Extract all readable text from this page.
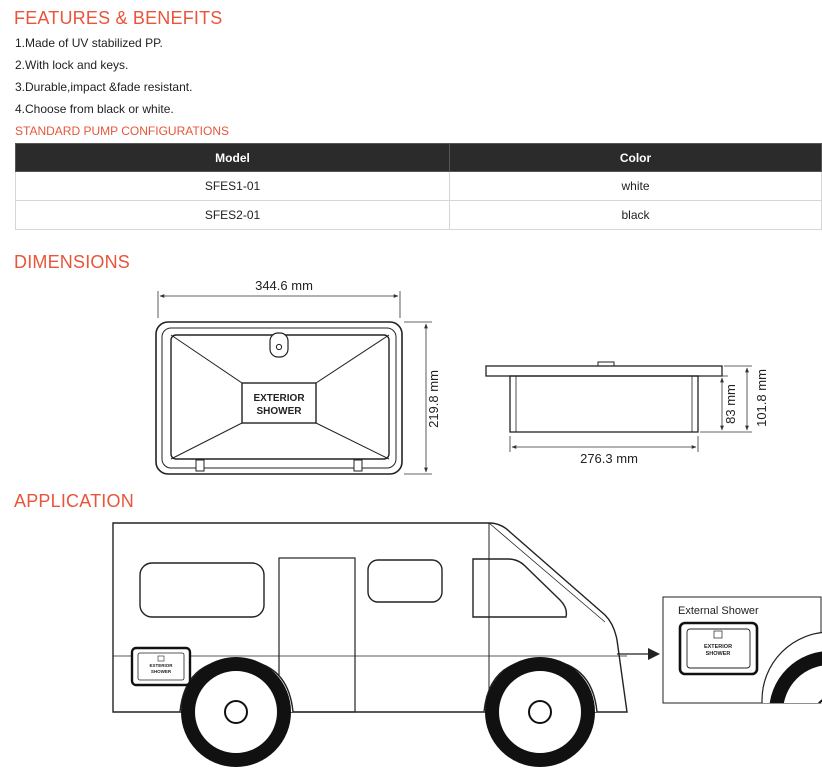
FEATURES & BENEFITS
1.Made of UV stabilized PP.
2.With lock and keys.
3.Durable,impact &fade resistant.
4.Choose from black or white.
STANDARD PUMP CONFIGURATIONS
Model	Color
SFES1-01	white
SFES2-01	black
DIMENSIONS
344.6 mm
EXTERIOR
SHOWER	219.8 mm
276.3 mm
83 mm 101.8 mm
APPLICATION
EXTERIOR
SHOWER
External Shower
EXTERIOR
SHOWER
